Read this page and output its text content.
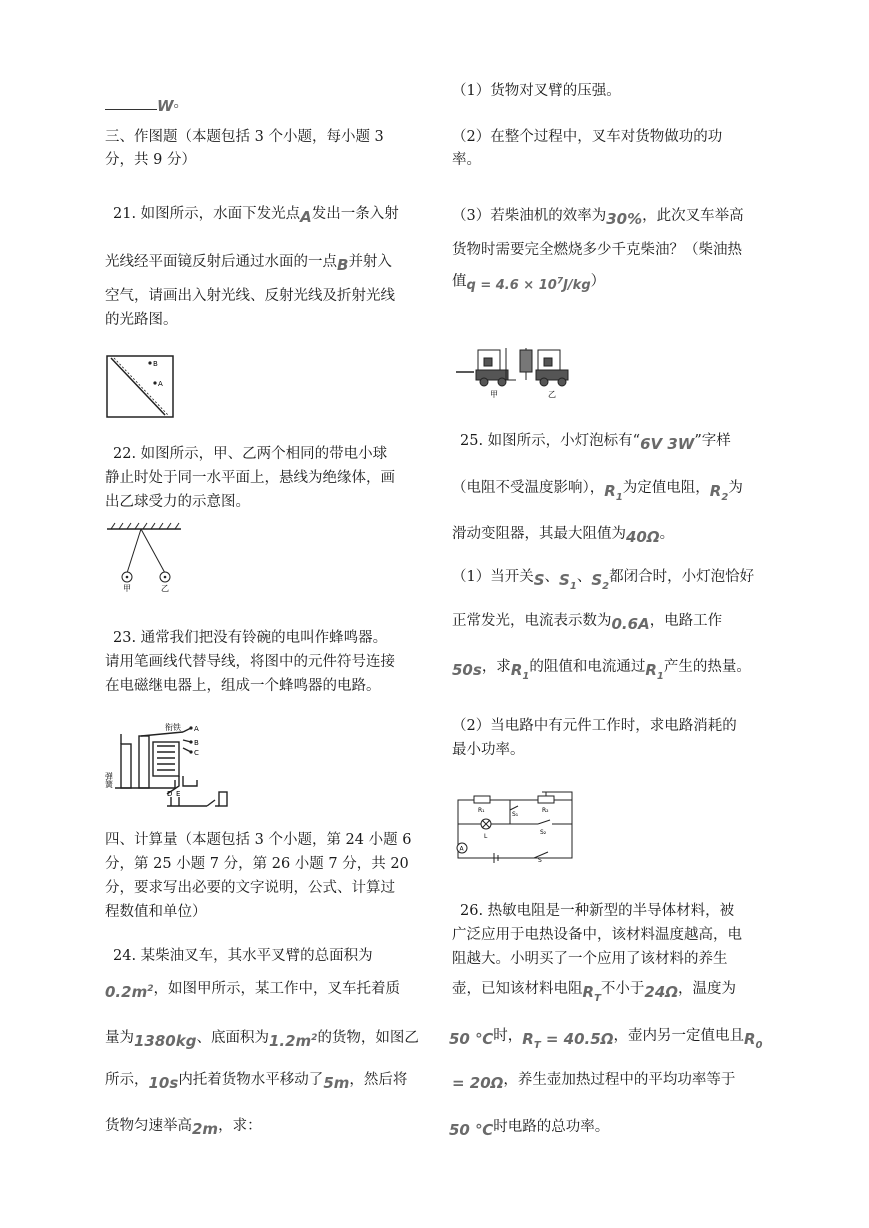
W。
三、作图题（本题包括 3 个小题，每小题 3
分，共 9 分）
21. 如图所示，水面下发光点A发出一条入射
光线经平面镜反射后通过水面的一点B并射入
空气，请画出入射光线、反射光线及折射光线
的光路图。
B
A
22. 如图所示，甲、乙两个相同的带电小球
静止时处于同一水平面上，悬线为绝缘体，画
出乙球受力的示意图。
甲	乙
23. 通常我们把没有铃碗的电叫作蜂鸣器。
请用笔画线代替导线，将图中的元件符号连接
在电磁继电器上，组成一个蜂鸣器的电路。
衔铁 A
B
C
弹簧
D E
四、计算量（本题包括 3 个小题，第 24 小题 6
分，第 25 小题 7 分，第 26 小题 7 分，共 20
分，要求写出必要的文字说明，公式、计算过
程数值和单位）
24. 某柴油叉车，其水平叉臂的总面积为
$0.2m^2$，如图甲所示，某工作中，叉车托着质
量为1380kg、底面积为$1.2m^2$的货物，如图乙
所示，10s内托着货物水平移动了5m，然后将
货物匀速举高2m，求：
（1）货物对叉臂的压强。
（2）在整个过程中，叉车对货物做功的功
率。
（3）若柴油机的效率为30%，此次叉车举高
货物时需要完全燃烧多少千克柴油？（柴油热
值$q = 4.6 \times 10^7J/kg$）
甲	乙
25. 如图所示，小灯泡标有“6V 3W”字样
（电阻不受温度影响），$R_1$为定值电阻，$R_2$为
滑动变阻器，其最大阻值为40Ω。
（1）当开关S、$S_1$、$S_2$都闭合时，小灯泡恰好
正常发光，电流表示数为0.6A，电路工作
50s，求$R_1$的阻值和电流通过$R_1$产生的热量。
（2）当电路中有元件工作时，求电路消耗的
最小功率。
R₁	R₂
S₁
S₂
L
A
S
26. 热敏电阻是一种新型的半导体材料，被
广泛应用于电热设备中，该材料温度越高，电
阻越大。小明买了一个应用了该材料的养生
壶，已知该材料电阻$R_T$不小于24Ω，温度为
50 ℃时，$R_T = 40.5\Omega$，壶内另一定值电且$R_0$
= 20Ω，养生壶加热过程中的平均功率等于
50 ℃时电路的总功率。
